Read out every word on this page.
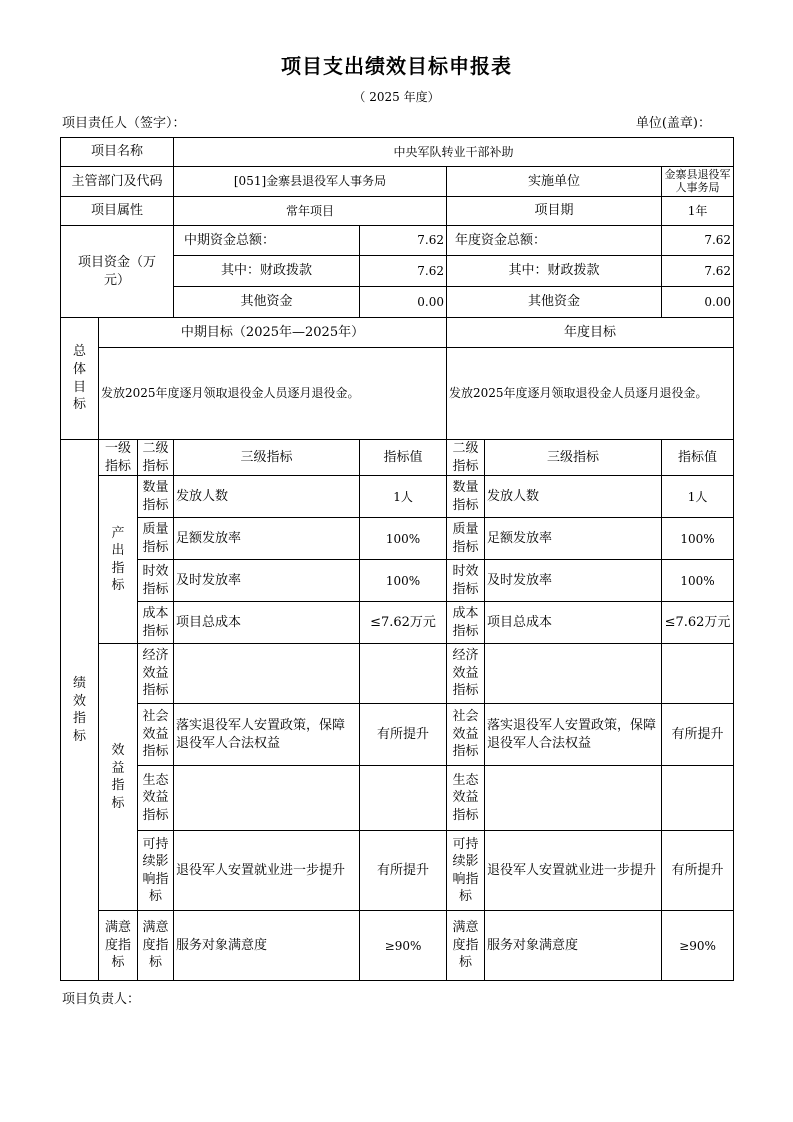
项目支出绩效目标申报表
（ 2025 年度）
项目责任人（签字）：	单位(盖章)：
项目名称			中央军队转业干部补助				
主管部门及代码			[051]金寨县退役军人事务局		实施单位		金寨县退役军人事务局
项目属性			常年项目		项目期		1年
项目资金（万元）			中期资金总额：	7.62	年度资金总额：		7.62
			其中：财政拨款	7.62	其中：财政拨款		7.62
			其他资金	0.00	其他资金		0.00
总体目标	中期目标（2025年—2025年）				年度目标		
	发放2025年度逐月领取退役金人员逐月退役金。				发放2025年度逐月领取退役金人员逐月退役金。		
绩效指标	一级指标	二级指标	三级指标	指标值	二级指标	三级指标	指标值
	产出指标	数量指标	发放人数	1人	数量指标	发放人数	1人
		质量指标	足额发放率	100%	质量指标	足额发放率	100%
		时效指标	及时发放率	100%	时效指标	及时发放率	100%
		成本指标	项目总成本	≤7.62万元	成本指标	项目总成本	≤7.62万元
	效益指标	经济效益指标			经济效益指标		
		社会效益指标	落实退役军人安置政策，保障退役军人合法权益	有所提升	社会效益指标	落实退役军人安置政策，保障退役军人合法权益	有所提升
		生态效益指标			生态效益指标		
		可持续影响指标	退役军人安置就业进一步提升	有所提升	可持续影响指标	退役军人安置就业进一步提升	有所提升
	满意度指标	满意度指标	服务对象满意度	≥90%	满意度指标	服务对象满意度	≥90%
项目负责人：
